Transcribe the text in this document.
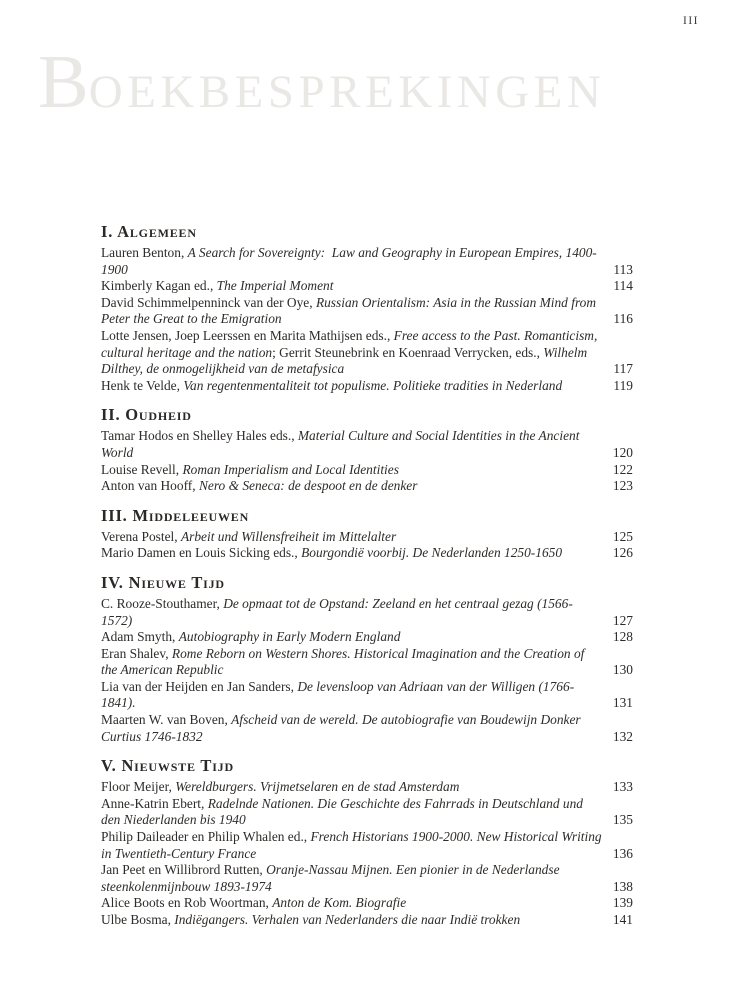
III
BOEKBESPREKINGEN
I. Algemeen
Lauren Benton, A Search for Sovereignty:  Law and Geography in European Empires, 1400-1900	113
Kimberly Kagan ed., The Imperial Moment	114
David Schimmelpenninck van der Oye, Russian Orientalism: Asia in the Russian Mind from Peter the Great to the Emigration	116
Lotte Jensen, Joep Leerssen en Marita Mathijsen eds., Free access to the Past. Romanticism, cultural heritage and the nation; Gerrit Steunebrink en Koenraad Verrycken, eds., Wilhelm Dilthey, de onmogelijkheid van de metafysica	117
Henk te Velde, Van regentenmentaliteit tot populisme. Politieke tradities in Nederland	119
II. Oudheid
Tamar Hodos en Shelley Hales eds., Material Culture and Social Identities in the Ancient World	120
Louise Revell, Roman Imperialism and Local Identities	122
Anton van Hooff, Nero & Seneca: de despoot en de denker	123
III. Middeleeuwen
Verena Postel, Arbeit und Willensfreiheit im Mittelalter	125
Mario Damen en Louis Sicking eds., Bourgondië voorbij. De Nederlanden 1250-1650	126
IV. Nieuwe Tijd
C. Rooze-Stouthamer, De opmaat tot de Opstand: Zeeland en het centraal gezag (1566-1572)	127
Adam Smyth, Autobiography in Early Modern England	128
Eran Shalev, Rome Reborn on Western Shores. Historical Imagination and the Creation of the American Republic	130
Lia van der Heijden en Jan Sanders, De levensloop van Adriaan van der Willigen (1766-1841).	131
Maarten W. van Boven, Afscheid van de wereld. De autobiografie van Boudewijn Donker Curtius 1746-1832	132
V. Nieuwste Tijd
Floor Meijer, Wereldburgers. Vrijmetselaren en de stad Amsterdam	133
Anne-Katrin Ebert, Radelnde Nationen. Die Geschichte des Fahrrads in Deutschland und den Niederlanden bis 1940	135
Philip Daileader en Philip Whalen ed., French Historians 1900-2000. New Historical Writing in Twentieth-Century France	136
Jan Peet en Willibrord Rutten, Oranje-Nassau Mijnen. Een pionier in de Nederlandse steenkolenmijnbouw 1893-1974	138
Alice Boots en Rob Woortman, Anton de Kom. Biografie	139
Ulbe Bosma, Indiëgangers. Verhalen van Nederlanders die naar Indië trokken	141
